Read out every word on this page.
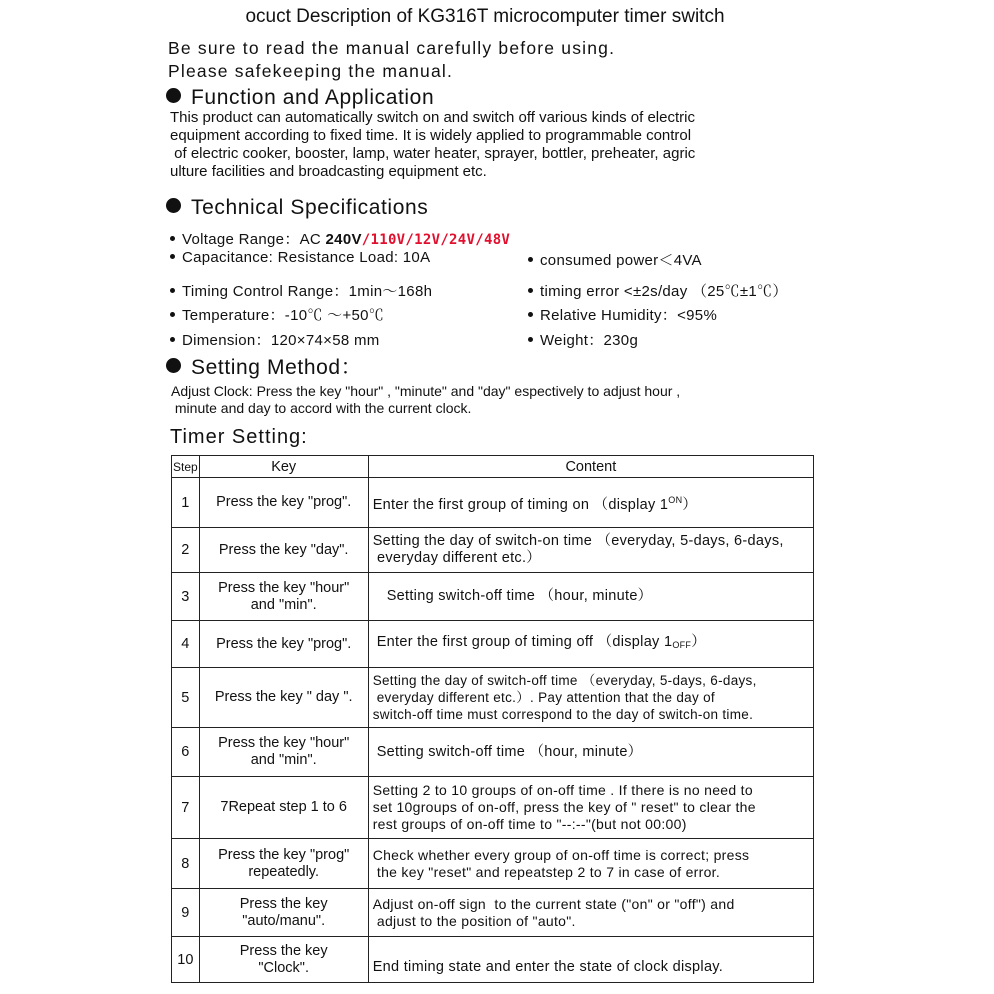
ocuct Description of KG316T microcomputer timer switch
Be sure to read the manual carefully before using.
Please safekeeping the manual.
Function and Application
This product can automatically switch on and switch off various kinds of electric
equipment according to fixed time. It is widely applied to programmable control
of electric cooker, booster, lamp, water heater, sprayer, bottler, preheater, agric
ulture facilities and broadcasting equipment etc.
Technical Specifications
Voltage Range：AC 240V/110V/12V/24V/48V
Capacitance: Resistance Load: 10A	consumed power＜4VA
Timing Control Range：1min～168h	timing error <±2s/day （25℃±1℃）
Temperature：-10℃ ～+50℃	Relative Humidity：<95%
Dimension：120×74×58 mm	Weight：230g
Setting Method：
Adjust Clock: Press the key "hour" , "minute" and "day" espectively to adjust hour ,
minute and day to accord with the current clock.
Timer Setting:
Step	Key	Content
1	Press the key "prog".	Enter the first group of timing on （display $1^{ON}$）
2	Press the key "day".	Setting the day of switch-on time （everyday, 5-days, 6-days,
everyday different etc.）
3	Press the key "hour"
and "min".	Setting switch-off time （hour, minute）
4	Press the key "prog".	Enter the first group of timing off （display $1_{OFF}$）
5	Press the key " day ".	Setting the day of switch-off time （everyday, 5-days, 6-days,
everyday different etc.）. Pay attention that the day of
switch-off time must correspond to the day of switch-on time.
6	Press the key "hour"
and "min".	Setting switch-off time （hour, minute）
7	7Repeat step 1 to 6	Setting 2 to 10 groups of on-off time . If there is no need to
set 10groups of on-off, press the key of " reset" to clear the
rest groups of on-off time to "--:--"(but not 00:00)
8	Press the key "prog"
repeatedly.	Check whether every group of on-off time is correct; press
the key "reset" and repeatstep 2 to 7 in case of error.
9	Press the key
"auto/manu".	Adjust on-off sign  to the current state ("on" or "off") and
adjust to the position of "auto".
10	Press the key
"Clock".	End timing state and enter the state of clock display.
